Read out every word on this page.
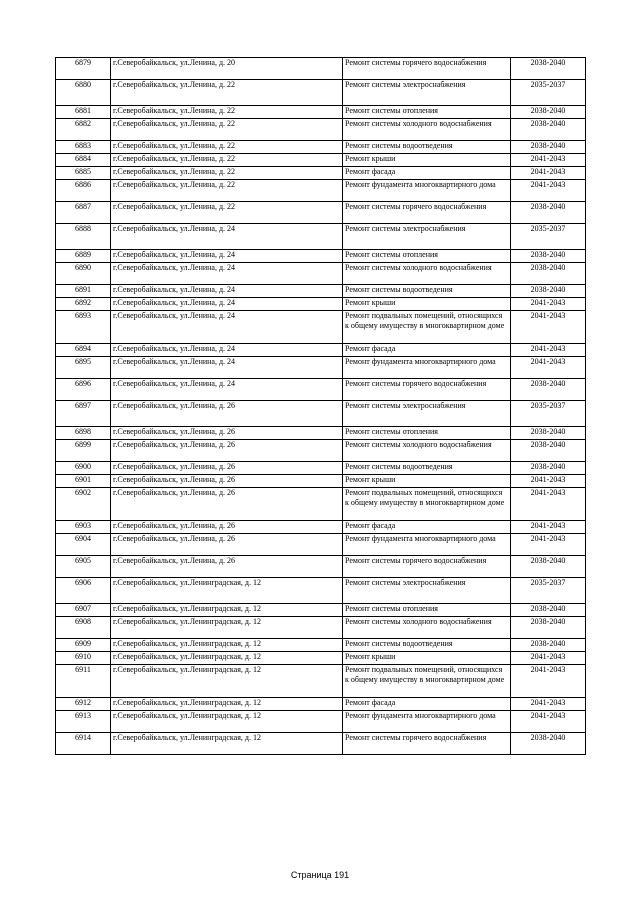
6879	г.Северобайкальск, ул.Ленина, д. 20	Ремонт системы горячего водоснабжения	2038-2040
6880	г.Северобайкальск, ул.Ленина, д. 22	Ремонт системы электроснабжения	2035-2037
6881	г.Северобайкальск, ул.Ленина, д. 22	Ремонт системы отопления	2038-2040
6882	г.Северобайкальск, ул.Ленина, д. 22	Ремонт системы холодного водоснабжения	2038-2040
6883	г.Северобайкальск, ул.Ленина, д. 22	Ремонт системы водоотведения	2038-2040
6884	г.Северобайкальск, ул.Ленина, д. 22	Ремонт крыши	2041-2043
6885	г.Северобайкальск, ул.Ленина, д. 22	Ремонт фасада	2041-2043
6886	г.Северобайкальск, ул.Ленина, д. 22	Ремонт фундамента многоквартирного дома	2041-2043
6887	г.Северобайкальск, ул.Ленина, д. 22	Ремонт системы горячего водоснабжения	2038-2040
6888	г.Северобайкальск, ул.Ленина, д. 24	Ремонт системы электроснабжения	2035-2037
6889	г.Северобайкальск, ул.Ленина, д. 24	Ремонт системы отопления	2038-2040
6890	г.Северобайкальск, ул.Ленина, д. 24	Ремонт системы холодного водоснабжения	2038-2040
6891	г.Северобайкальск, ул.Ленина, д. 24	Ремонт системы водоотведения	2038-2040
6892	г.Северобайкальск, ул.Ленина, д. 24	Ремонт крыши	2041-2043
6893	г.Северобайкальск, ул.Ленина, д. 24	Ремонт подвальных помещений, относящихся к общему имуществу в многоквартирном доме	2041-2043
6894	г.Северобайкальск, ул.Ленина, д. 24	Ремонт фасада	2041-2043
6895	г.Северобайкальск, ул.Ленина, д. 24	Ремонт фундамента многоквартирного дома	2041-2043
6896	г.Северобайкальск, ул.Ленина, д. 24	Ремонт системы горячего водоснабжения	2038-2040
6897	г.Северобайкальск, ул.Ленина, д. 26	Ремонт системы электроснабжения	2035-2037
6898	г.Северобайкальск, ул.Ленина, д. 26	Ремонт системы отопления	2038-2040
6899	г.Северобайкальск, ул.Ленина, д. 26	Ремонт системы холодного водоснабжения	2038-2040
6900	г.Северобайкальск, ул.Ленина, д. 26	Ремонт системы водоотведения	2038-2040
6901	г.Северобайкальск, ул.Ленина, д. 26	Ремонт крыши	2041-2043
6902	г.Северобайкальск, ул.Ленина, д. 26	Ремонт подвальных помещений, относящихся к общему имуществу в многоквартирном доме	2041-2043
6903	г.Северобайкальск, ул.Ленина, д. 26	Ремонт фасада	2041-2043
6904	г.Северобайкальск, ул.Ленина, д. 26	Ремонт фундамента многоквартирного дома	2041-2043
6905	г.Северобайкальск, ул.Ленина, д. 26	Ремонт системы горячего водоснабжения	2038-2040
6906	г.Северобайкальск, ул.Ленинградская, д. 12	Ремонт системы электроснабжения	2035-2037
6907	г.Северобайкальск, ул.Ленинградская, д. 12	Ремонт системы отопления	2038-2040
6908	г.Северобайкальск, ул.Ленинградская, д. 12	Ремонт системы холодного водоснабжения	2038-2040
6909	г.Северобайкальск, ул.Ленинградская, д. 12	Ремонт системы водоотведения	2038-2040
6910	г.Северобайкальск, ул.Ленинградская, д. 12	Ремонт крыши	2041-2043
6911	г.Северобайкальск, ул.Ленинградская, д. 12	Ремонт подвальных помещений, относящихся к общему имуществу в многоквартирном доме	2041-2043
6912	г.Северобайкальск, ул.Ленинградская, д. 12	Ремонт фасада	2041-2043
6913	г.Северобайкальск, ул.Ленинградская, д. 12	Ремонт фундамента многоквартирного дома	2041-2043
6914	г.Северобайкальск, ул.Ленинградская, д. 12	Ремонт системы горячего водоснабжения	2038-2040
Страница 191
